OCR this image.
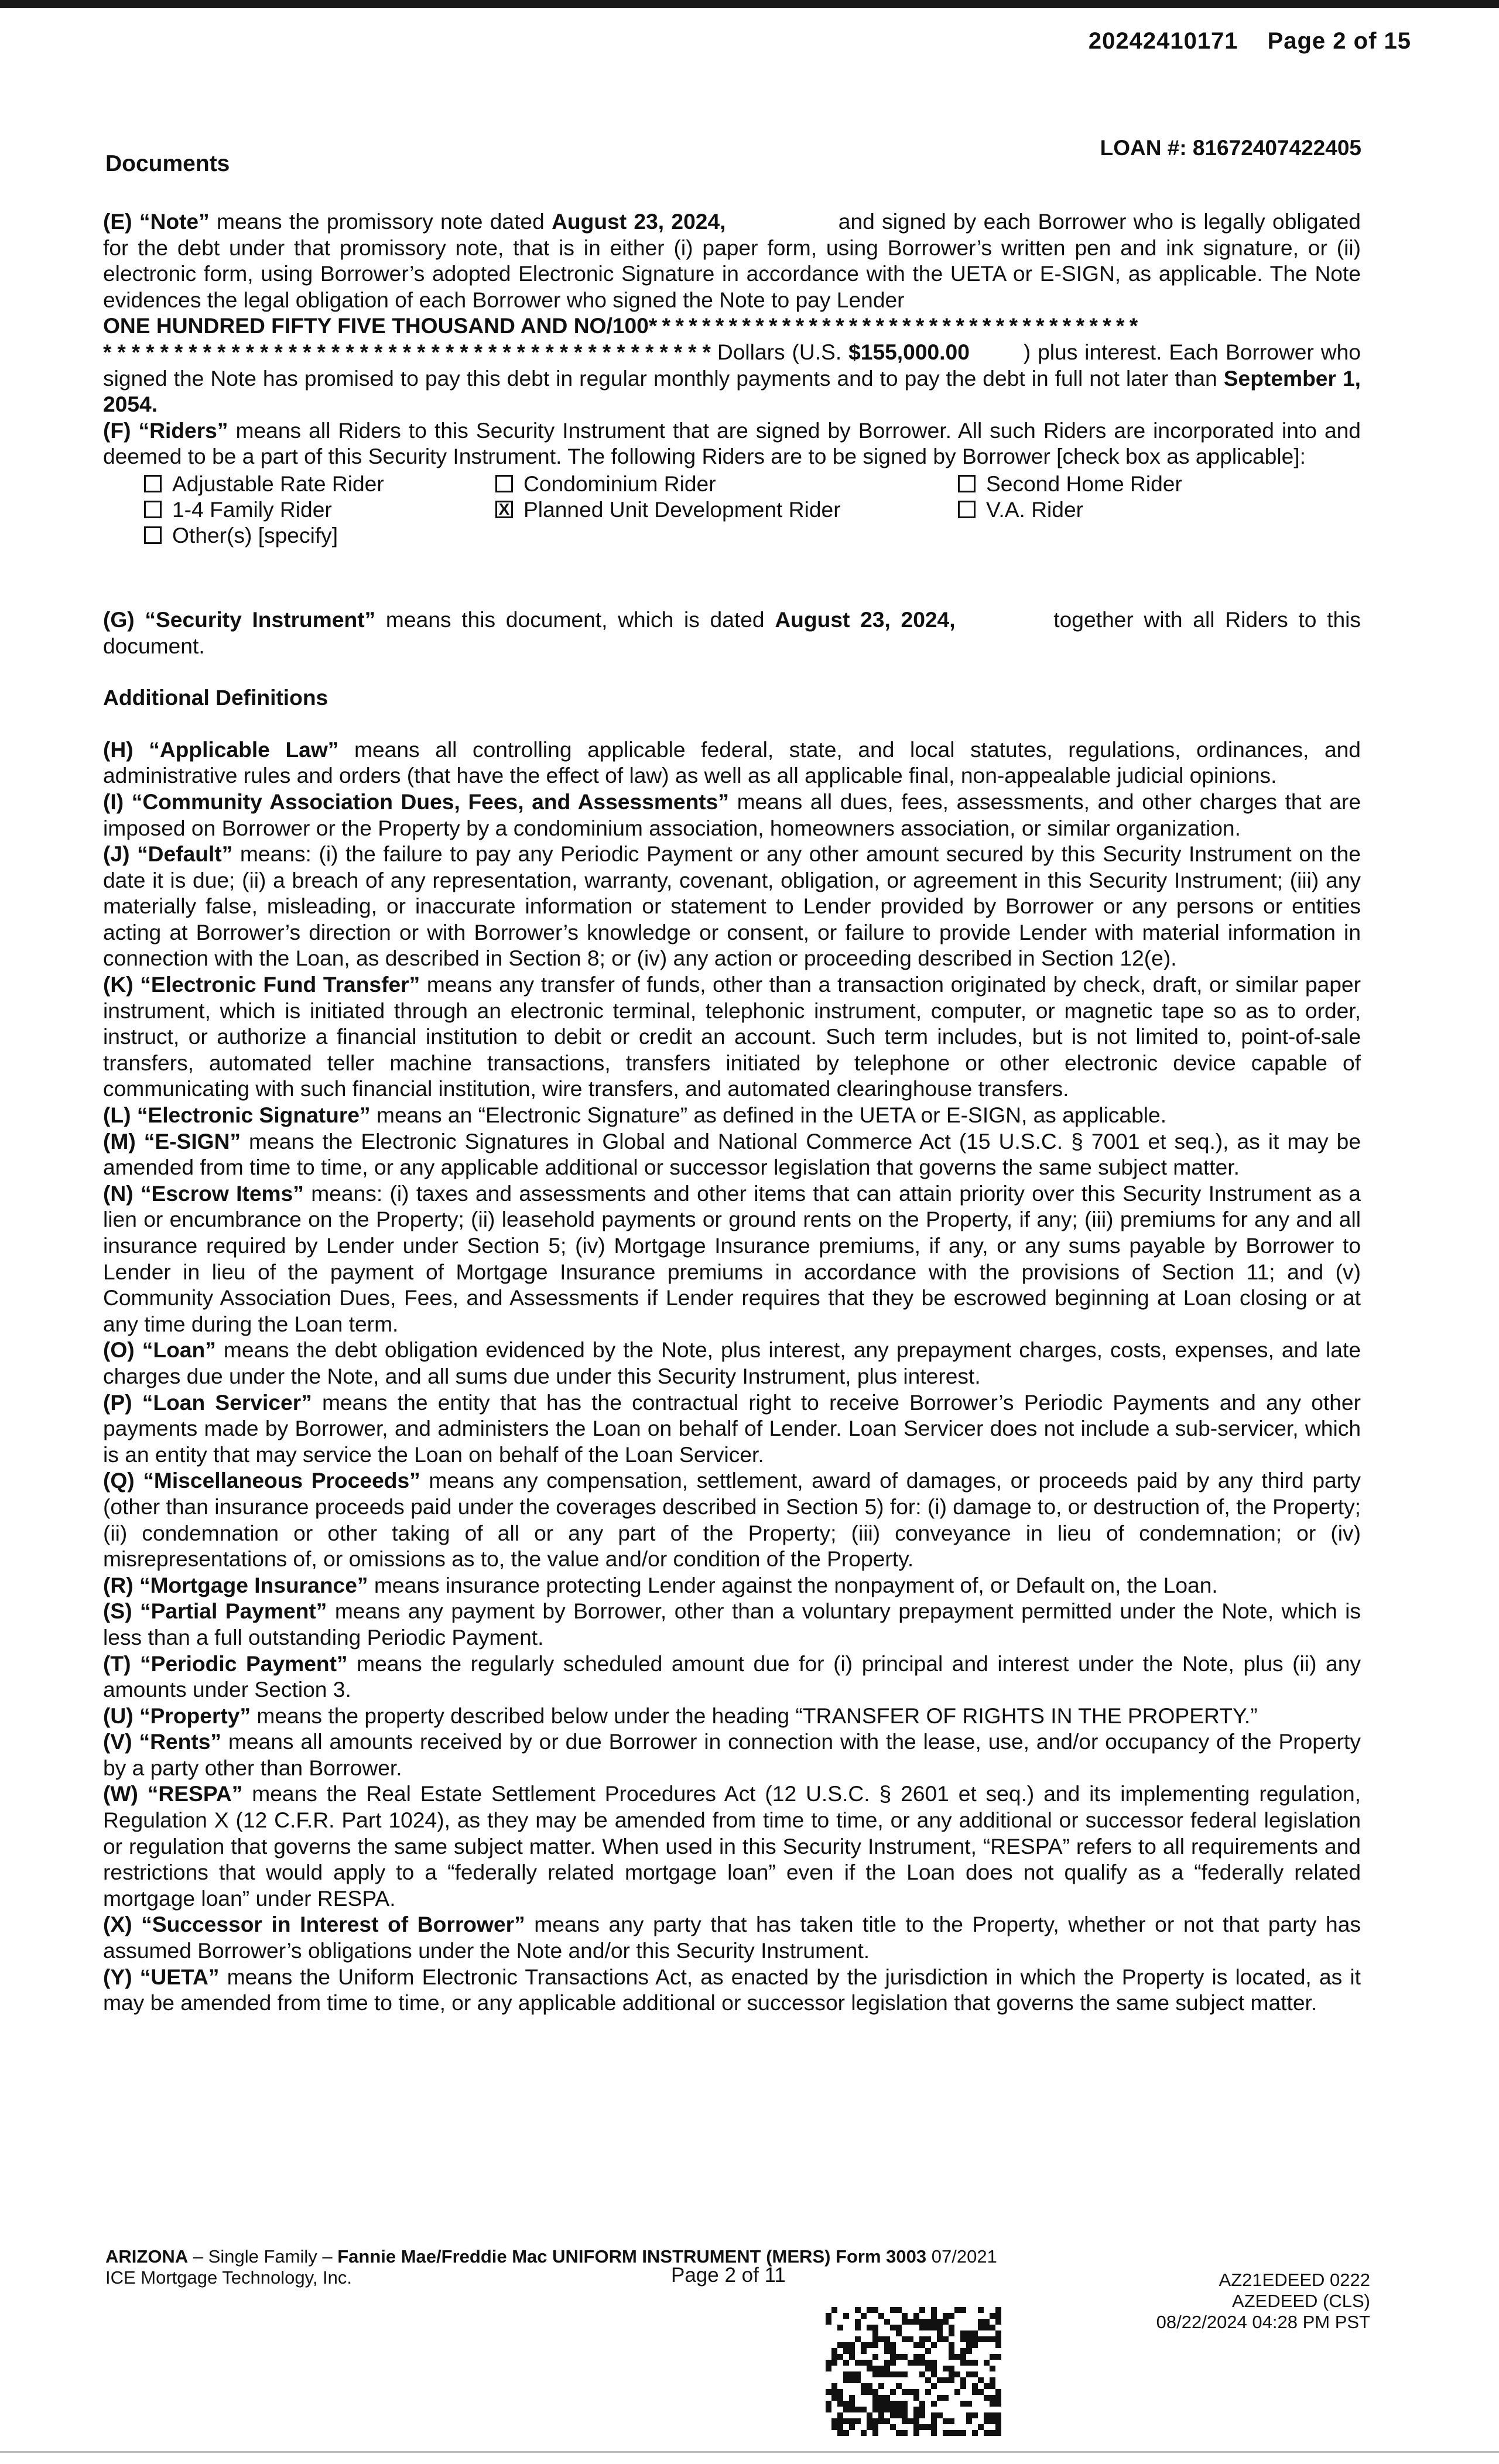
20242410171 Page 2 of 15
LOAN #: 81672407422405
Documents

(E) “Note” means the promissory note dated August 23, 2024,	and signed by each Borrower who is legally obligated for the debt under that promissory note, that is in either (i) paper form, using Borrower’s written pen and ink signature, or (ii) electronic form, using Borrower’s adopted Electronic Signature in accordance with the UETA or E-SIGN, as applicable. The Note evidences the legal obligation of each Borrower who signed the Note to pay Lender
ONE HUNDRED FIFTY FIVE THOUSAND AND NO/100* * * * * * * * * * * * * * * * * * * * * * * * * * * * * * * * * * * * *
* * * * * * * * * * * * * * * * * * * * * * * * * * * * * * * * * * * * * * * * * * * Dollars (U.S. $155,000.00 ) plus interest. Each Borrower who signed the Note has promised to pay this debt in regular monthly payments and to pay the debt in full not later than September 1, 2054.

(F) “Riders” means all Riders to this Security Instrument that are signed by Borrower. All such Riders are incorporated into and deemed to be a part of this Security Instrument. The following Riders are to be signed by Borrower [check box as applicable]:

Adjustable Rate Rider	Condominium Rider	Second Home Rider
1-4 Family Rider	X Planned Unit Development Rider	V.A. Rider
Other(s) [specify]

(G) “Security Instrument” means this document, which is dated August 23, 2024,	together with all Riders to this document.

Additional Definitions

(H) “Applicable Law” means all controlling applicable federal, state, and local statutes, regulations, ordinances, and administrative rules and orders (that have the effect of law) as well as all applicable final, non-appealable judicial opinions.

(I) “Community Association Dues, Fees, and Assessments” means all dues, fees, assessments, and other charges that are imposed on Borrower or the Property by a condominium association, homeowners association, or similar organization.

(J) “Default” means: (i) the failure to pay any Periodic Payment or any other amount secured by this Security Instrument on the date it is due; (ii) a breach of any representation, warranty, covenant, obligation, or agreement in this Security Instrument; (iii) any materially false, misleading, or inaccurate information or statement to Lender provided by Borrower or any persons or entities acting at Borrower’s direction or with Borrower’s knowledge or consent, or failure to provide Lender with material information in connection with the Loan, as described in Section 8; or (iv) any action or proceeding described in Section 12(e).

(K) “Electronic Fund Transfer” means any transfer of funds, other than a transaction originated by check, draft, or similar paper instrument, which is initiated through an electronic terminal, telephonic instrument, computer, or magnetic tape so as to order, instruct, or authorize a financial institution to debit or credit an account. Such term includes, but is not limited to, point-of-sale transfers, automated teller machine transactions, transfers initiated by telephone or other electronic device capable of communicating with such financial institution, wire transfers, and automated clearinghouse transfers.

(L) “Electronic Signature” means an “Electronic Signature” as defined in the UETA or E-SIGN, as applicable.

(M) “E-SIGN” means the Electronic Signatures in Global and National Commerce Act (15 U.S.C. § 7001 et seq.), as it may be amended from time to time, or any applicable additional or successor legislation that governs the same subject matter.

(N) “Escrow Items” means: (i) taxes and assessments and other items that can attain priority over this Security Instrument as a lien or encumbrance on the Property; (ii) leasehold payments or ground rents on the Property, if any; (iii) premiums for any and all insurance required by Lender under Section 5; (iv) Mortgage Insurance premiums, if any, or any sums payable by Borrower to Lender in lieu of the payment of Mortgage Insurance premiums in accordance with the provisions of Section 11; and (v) Community Association Dues, Fees, and Assessments if Lender requires that they be escrowed beginning at Loan closing or at any time during the Loan term.

(O) “Loan” means the debt obligation evidenced by the Note, plus interest, any prepayment charges, costs, expenses, and late charges due under the Note, and all sums due under this Security Instrument, plus interest.

(P) “Loan Servicer” means the entity that has the contractual right to receive Borrower’s Periodic Payments and any other payments made by Borrower, and administers the Loan on behalf of Lender. Loan Servicer does not include a sub-servicer, which is an entity that may service the Loan on behalf of the Loan Servicer.

(Q) “Miscellaneous Proceeds” means any compensation, settlement, award of damages, or proceeds paid by any third party (other than insurance proceeds paid under the coverages described in Section 5) for: (i) damage to, or destruction of, the Property; (ii) condemnation or other taking of all or any part of the Property; (iii) conveyance in lieu of condemnation; or (iv) misrepresentations of, or omissions as to, the value and/or condition of the Property.

(R) “Mortgage Insurance” means insurance protecting Lender against the nonpayment of, or Default on, the Loan.

(S) “Partial Payment” means any payment by Borrower, other than a voluntary prepayment permitted under the Note, which is less than a full outstanding Periodic Payment.

(T) “Periodic Payment” means the regularly scheduled amount due for (i) principal and interest under the Note, plus (ii) any amounts under Section 3.

(U) “Property” means the property described below under the heading “TRANSFER OF RIGHTS IN THE PROPERTY.”

(V) “Rents” means all amounts received by or due Borrower in connection with the lease, use, and/or occupancy of the Property by a party other than Borrower.

(W) “RESPA” means the Real Estate Settlement Procedures Act (12 U.S.C. § 2601 et seq.) and its implementing regulation, Regulation X (12 C.F.R. Part 1024), as they may be amended from time to time, or any additional or successor federal legislation or regulation that governs the same subject matter. When used in this Security Instrument, “RESPA” refers to all requirements and restrictions that would apply to a “federally related mortgage loan” even if the Loan does not qualify as a “federally related mortgage loan” under RESPA.

(X) “Successor in Interest of Borrower” means any party that has taken title to the Property, whether or not that party has assumed Borrower’s obligations under the Note and/or this Security Instrument.

(Y) “UETA” means the Uniform Electronic Transactions Act, as enacted by the jurisdiction in which the Property is located, as it may be amended from time to time, or any applicable additional or successor legislation that governs the same subject matter.

ARIZONA – Single Family – Fannie Mae/Freddie Mac UNIFORM INSTRUMENT (MERS) Form 3003 07/2021
ICE Mortgage Technology, Inc.	Page 2 of 11	AZ21EDEED 0222
AZEDEED (CLS)
08/22/2024 04:28 PM PST
